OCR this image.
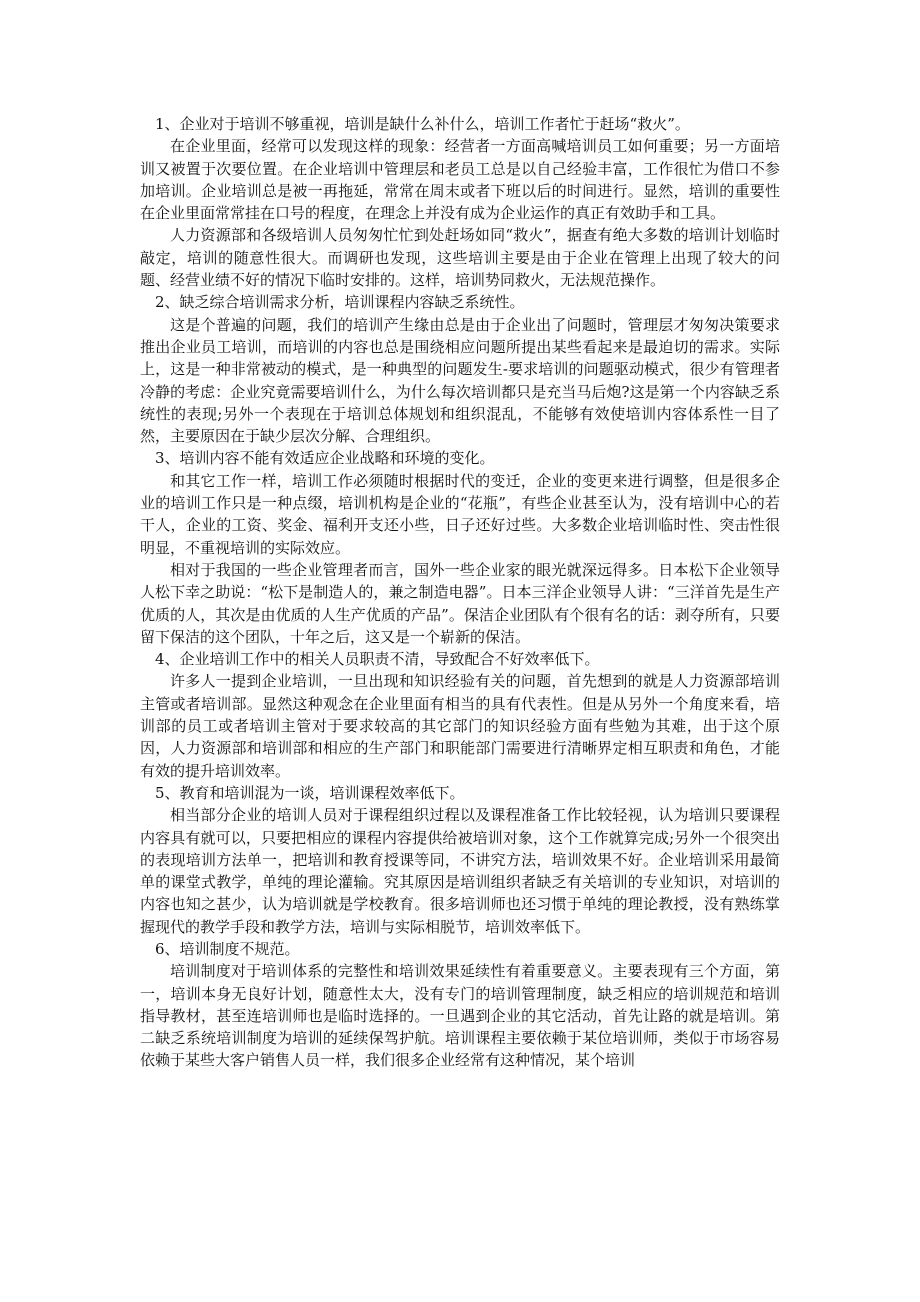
1、企业对于培训不够重视，培训是缺什么补什么，培训工作者忙于赶场“救火”。

在企业里面，经常可以发现这样的现象：经营者一方面高喊培训员工如何重要；另一方面培训又被置于次要位置。在企业培训中管理层和老员工总是以自己经验丰富，工作很忙为借口不参加培训。企业培训总是被一再拖延，常常在周末或者下班以后的时间进行。显然，培训的重要性在企业里面常常挂在口号的程度，在理念上并没有成为企业运作的真正有效助手和工具。

人力资源部和各级培训人员匆匆忙忙到处赶场如同“救火”，据查有绝大多数的培训计划临时敲定，培训的随意性很大。而调研也发现，这些培训主要是由于企业在管理上出现了较大的问题、经营业绩不好的情况下临时安排的。这样，培训势同救火，无法规范操作。

2、缺乏综合培训需求分析，培训课程内容缺乏系统性。

这是个普遍的问题，我们的培训产生缘由总是由于企业出了问题时，管理层才匆匆决策要求推出企业员工培训，而培训的内容也总是围绕相应问题所提出某些看起来是最迫切的需求。实际上，这是一种非常被动的模式，是一种典型的问题发生-要求培训的问题驱动模式，很少有管理者冷静的考虑：企业究竟需要培训什么，为什么每次培训都只是充当马后炮?这是第一个内容缺乏系统性的表现;另外一个表现在于培训总体规划和组织混乱，不能够有效使培训内容体系性一目了然，主要原因在于缺少层次分解、合理组织。

3、培训内容不能有效适应企业战略和环境的变化。

和其它工作一样，培训工作必须随时根据时代的变迁，企业的变更来进行调整，但是很多企业的培训工作只是一种点缀，培训机构是企业的“花瓶”，有些企业甚至认为，没有培训中心的若干人，企业的工资、奖金、福利开支还小些，日子还好过些。大多数企业培训临时性、突击性很明显，不重视培训的实际效应。

相对于我国的一些企业管理者而言，国外一些企业家的眼光就深远得多。日本松下企业领导人松下幸之助说：“松下是制造人的，兼之制造电器”。日本三洋企业领导人讲：“三洋首先是生产优质的人，其次是由优质的人生产优质的产品”。保洁企业团队有个很有名的话：剥夺所有，只要留下保洁的这个团队，十年之后，这又是一个崭新的保洁。

4、企业培训工作中的相关人员职责不清，导致配合不好效率低下。

许多人一提到企业培训，一旦出现和知识经验有关的问题，首先想到的就是人力资源部培训主管或者培训部。显然这种观念在企业里面有相当的具有代表性。但是从另外一个角度来看，培训部的员工或者培训主管对于要求较高的其它部门的知识经验方面有些勉为其难，出于这个原因，人力资源部和培训部和相应的生产部门和职能部门需要进行清晰界定相互职责和角色，才能有效的提升培训效率。

5、教育和培训混为一谈，培训课程效率低下。

相当部分企业的培训人员对于课程组织过程以及课程准备工作比较轻视，认为培训只要课程内容具有就可以，只要把相应的课程内容提供给被培训对象，这个工作就算完成;另外一个很突出的表现培训方法单一，把培训和教育授课等同，不讲究方法，培训效果不好。企业培训采用最简单的课堂式教学，单纯的理论灌输。究其原因是培训组织者缺乏有关培训的专业知识，对培训的内容也知之甚少，认为培训就是学校教育。很多培训师也还习惯于单纯的理论教授，没有熟练掌握现代的教学手段和教学方法，培训与实际相脱节，培训效率低下。

6、培训制度不规范。

培训制度对于培训体系的完整性和培训效果延续性有着重要意义。主要表现有三个方面，第一，培训本身无良好计划，随意性太大，没有专门的培训管理制度，缺乏相应的培训规范和培训指导教材，甚至连培训师也是临时选择的。一旦遇到企业的其它活动，首先让路的就是培训。第二缺乏系统培训制度为培训的延续保驾护航。培训课程主要依赖于某位培训师，类似于市场容易依赖于某些大客户销售人员一样，我们很多企业经常有这种情况，某个培训
